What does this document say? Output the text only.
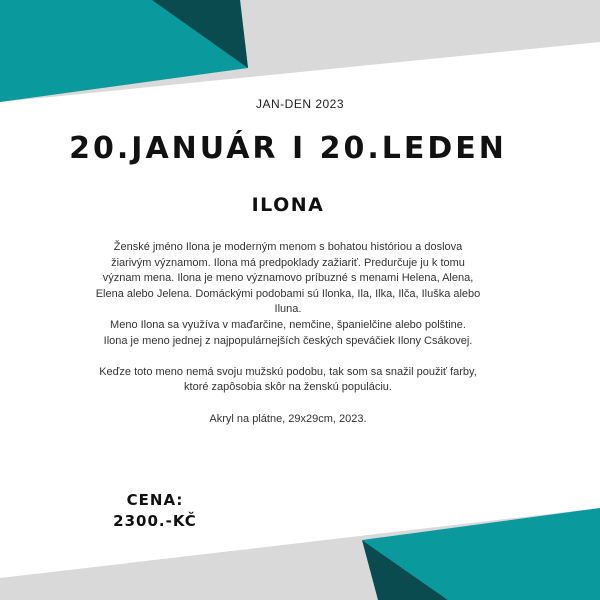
JAN-DEN 2023
20.JANUÁR I 20.LEDEN
ILONA

Ženské jméno Ilona je moderným menom s bohatou históriou a doslova

žiarivým významom. Ilona má predpoklady zažiariť. Predurčuje ju k tomu

význam mena. Ilona je meno významovo príbuzné s menami Helena, Alena,

Elena alebo Jelena. Domáckými podobami sú Ilonka, Ila, Ilka, Ilča, Iluška alebo

Iluna.

Meno Ilona sa využíva v maďarčine, nemčine, španielčine alebo polštine.

Ilona je meno jednej z najpopulárnejších českých speváčiek Ilony Csákovej.

Keďze toto meno nemá svoju mužskú podobu, tak som sa snažil použiť farby,

ktoré zapôsobia skôr na ženskú populáciu.

Akryl na plátne, 29x29cm, 2023.

CENA:
2300.-KČ
